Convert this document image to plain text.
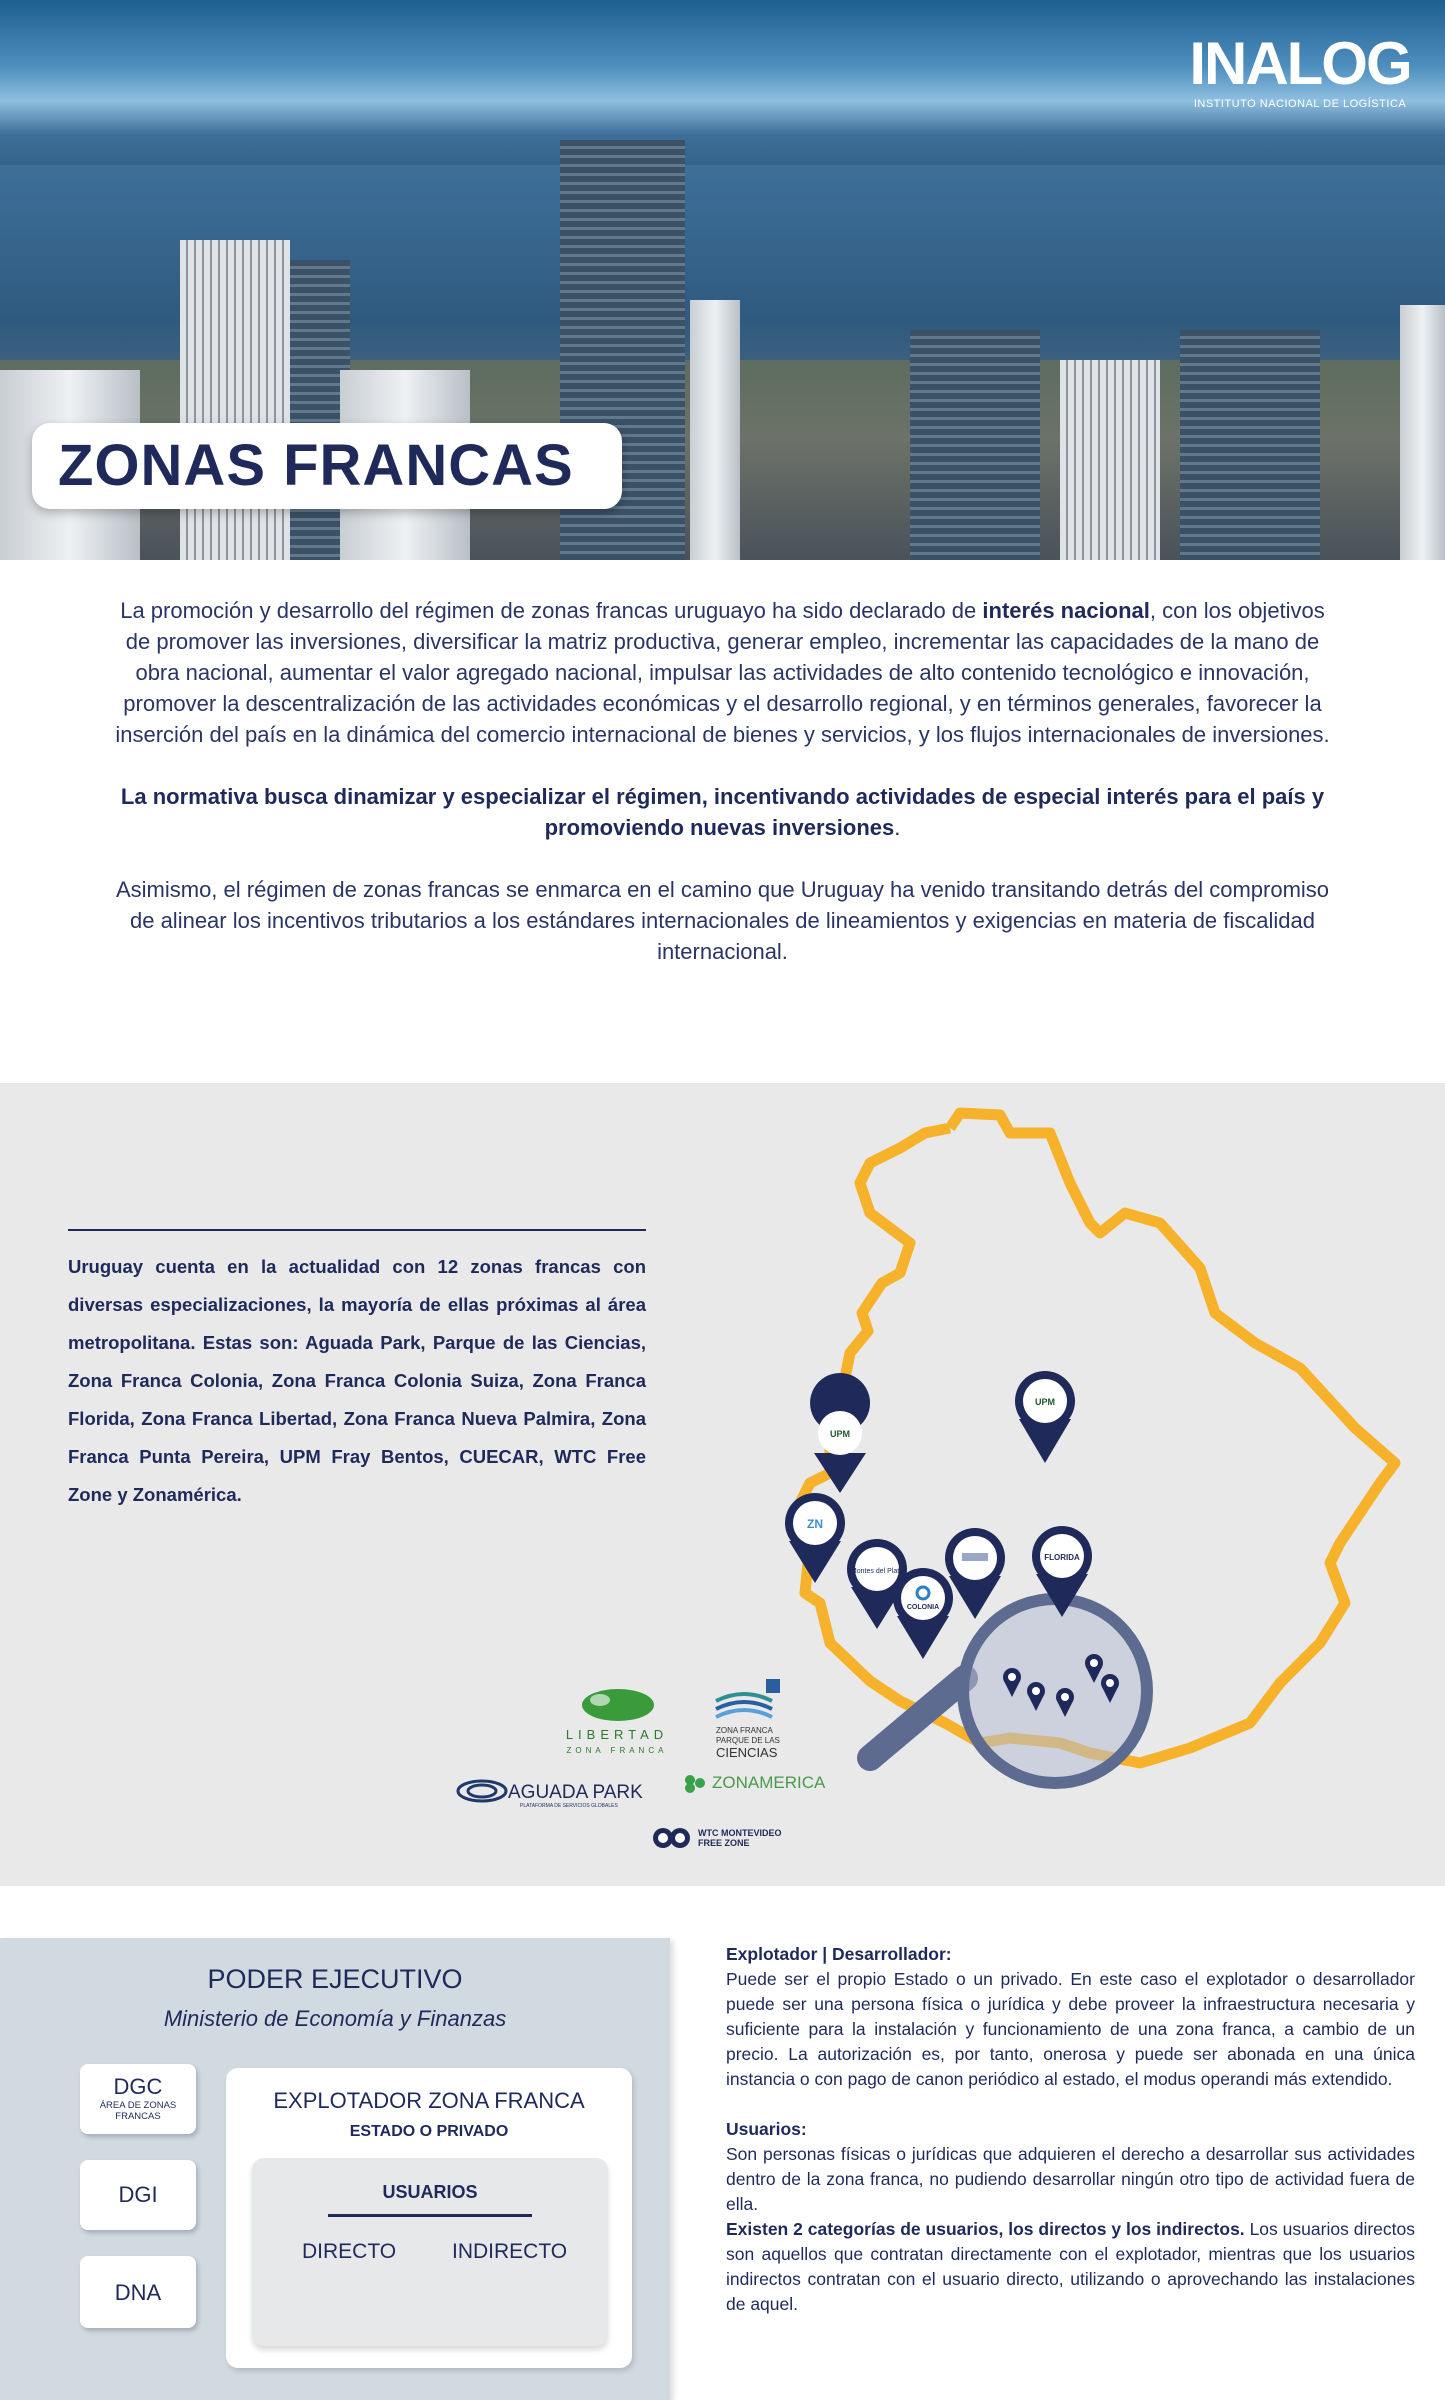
INALOG
INSTITUTO NACIONAL DE LOGÍSTICA
ZONAS FRANCAS

La promoción y desarrollo del régimen de zonas francas uruguayo ha sido declarado de interés nacional, con los objetivos de promover las inversiones, diversificar la matriz productiva, generar empleo, incrementar las capacidades de la mano de obra nacional, aumentar el valor agregado nacional, impulsar las actividades de alto contenido tecnológico e innovación, promover la descentralización de las actividades económicas y el desarrollo regional, y en términos generales, favorecer la inserción del país en la dinámica del comercio internacional de bienes y servicios, y los flujos internacionales de inversiones.

La normativa busca dinamizar y especializar el régimen, incentivando actividades de especial interés para el país y promoviendo nuevas inversiones.

Asimismo, el régimen de zonas francas se enmarca en el camino que Uruguay ha venido transitando detrás del compromiso de alinear los incentivos tributarios a los estándares internacionales de lineamientos y exigencias en materia de fiscalidad internacional.

Uruguay cuenta en la actualidad con 12 zonas francas con diversas especializaciones, la mayoría de ellas próximas al área metropolitana. Estas son: Aguada Park, Parque de las Ciencias, Zona Franca Colonia, Zona Franca Colonia Suiza, Zona Franca Florida, Zona Franca Libertad, Zona Franca Nueva Palmira, Zona Franca Punta Pereira, UPM Fray Bentos, CUECAR, WTC Free Zone y Zonamérica.
UPM
UPM
ZN
Montes del Plata
COLONIA
FLORIDA
LIBERTAD
ZONA FRANCA
ZONA FRANCA
PARQUE DE LAS
CIENCIAS
AGUADA PARK
PLATAFORMA DE SERVICIOS GLOBALES
ZONAMERICA
WTC MONTEVIDEO
FREE ZONE
PODER EJECUTIVO
Ministerio de Economía y Finanzas
DGC
ÁREA DE ZONAS FRANCAS
DGI
DNA
EXPLOTADOR ZONA FRANCA
ESTADO O PRIVADO
USUARIOS
DIRECTO	INDIRECTO

Explotador | Desarrollador:

Puede ser el propio Estado o un privado. En este caso el explotador o desarrollador puede ser una persona física o jurídica y debe proveer la infraestructura necesaria y suficiente para la instalación y funcionamiento de una zona franca, a cambio de un precio. La autorización es, por tanto, onerosa y puede ser abonada en una única instancia o con pago de canon periódico al estado, el modus operandi más extendido.

Usuarios:

Son personas físicas o jurídicas que adquieren el derecho a desarrollar sus actividades dentro de la zona franca, no pudiendo desarrollar ningún otro tipo de actividad fuera de ella.

Existen 2 categorías de usuarios, los directos y los indirectos. Los usuarios directos son aquellos que contratan directamente con el explotador, mientras que los usuarios indirectos contratan con el usuario directo, utilizando o aprovechando las instalaciones de aquel.
